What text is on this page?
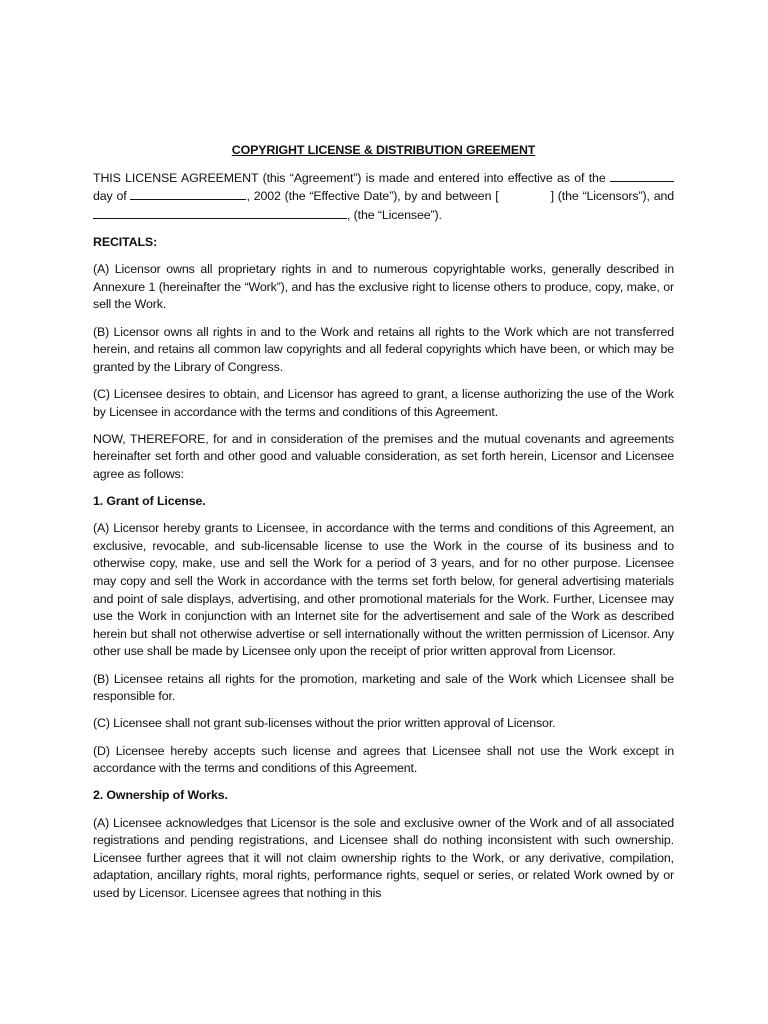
COPYRIGHT LICENSE & DISTRIBUTION GREEMENT

THIS LICENSE AGREEMENT (this “Agreement”) is made and entered into effective as of the  day of	, 2002 (the “Effective Date”), by and between [	] (the “Licensors”), and , (the “Licensee”).

RECITALS:

(A) Licensor owns all proprietary rights in and to numerous copyrightable works, generally described in Annexure 1 (hereinafter the “Work”), and has the exclusive right to license others to produce, copy, make, or sell the Work.

(B) Licensor owns all rights in and to the Work and retains all rights to the Work which are not transferred herein, and retains all common law copyrights and all federal copyrights which have been, or which may be granted by the Library of Congress.

(C) Licensee desires to obtain, and Licensor has agreed to grant, a license authorizing the use of the Work by Licensee in accordance with the terms and conditions of this Agreement.

NOW, THEREFORE, for and in consideration of the premises and the mutual covenants and agreements hereinafter set forth and other good and valuable consideration, as set forth herein, Licensor and Licensee agree as follows:

1. Grant of License.

(A) Licensor hereby grants to Licensee, in accordance with the terms and conditions of this Agreement, an exclusive, revocable, and sub-licensable license to use the Work in the course of its business and to otherwise copy, make, use and sell the Work for a period of 3 years, and for no other purpose. Licensee may copy and sell the Work in accordance with the terms set forth below, for general advertising materials and point of sale displays, advertising, and other promotional materials for the Work. Further, Licensee may use the Work in conjunction with an Internet site for the advertisement and sale of the Work as described herein but shall not otherwise advertise or sell internationally without the written permission of Licensor. Any other use shall be made by Licensee only upon the receipt of prior written approval from Licensor.

(B) Licensee retains all rights for the promotion, marketing and sale of the Work which Licensee shall be responsible for.

(C) Licensee shall not grant sub-licenses without the prior written approval of Licensor.

(D) Licensee hereby accepts such license and agrees that Licensee shall not use the Work except in accordance with the terms and conditions of this Agreement.

2. Ownership of Works.

(A) Licensee acknowledges that Licensor is the sole and exclusive owner of the Work and of all associated registrations and pending registrations, and Licensee shall do nothing inconsistent with such ownership. Licensee further agrees that it will not claim ownership rights to the Work, or any derivative, compilation, adaptation, ancillary rights, moral rights, performance rights, sequel or series, or related Work owned by or used by Licensor. Licensee agrees that nothing in this
